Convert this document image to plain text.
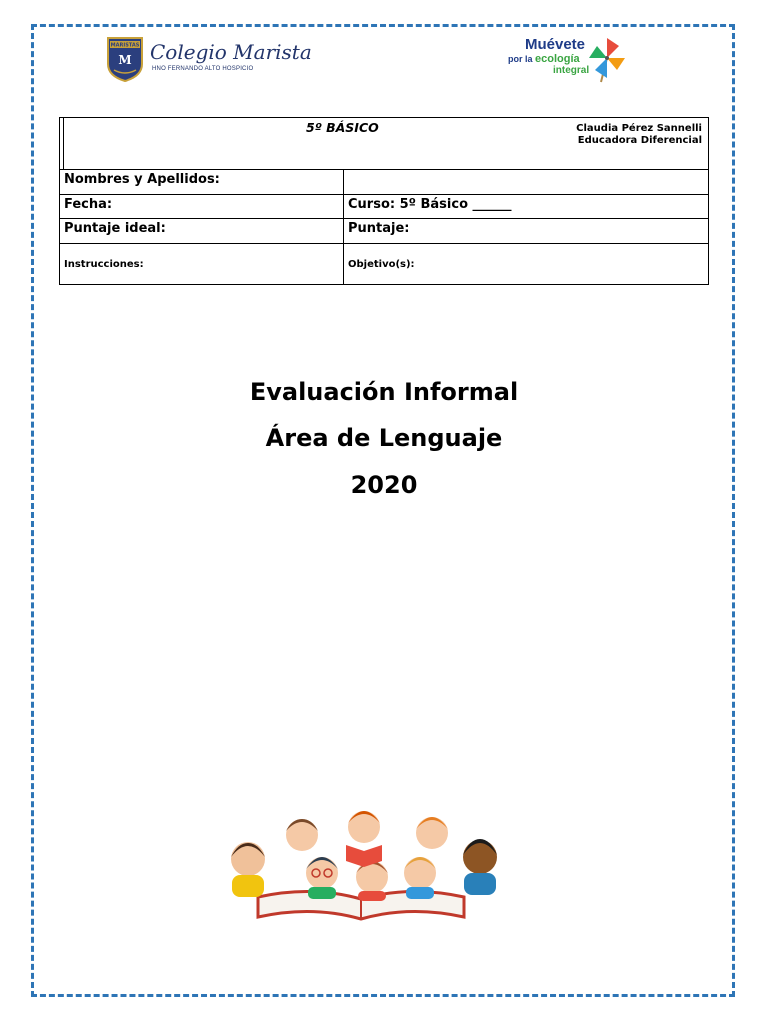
MARISTAS
M Colegio Marista
HNO FERNANDO ALTO HOSPICIO
Muévete
por la ecología
integral
5º BÁSICO	Claudia Pérez Sannelli
Educadora Diferencial
Nombres y Apellidos:
Fecha:	Curso: 5º Básico ______
Puntaje ideal:	Puntaje:
Instrucciones:	Objetivo(s):
Evaluación Informal
Área de Lenguaje
2020
